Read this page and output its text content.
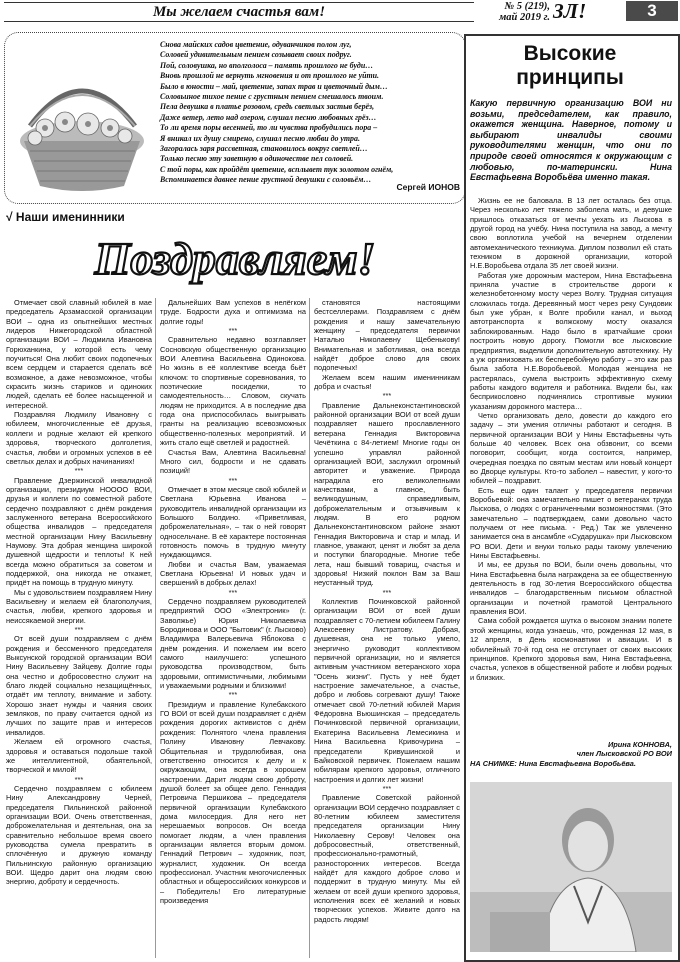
Мы желаем счастья вам!	№ 5 (219),
май 2019 г. ЗЛ!	3
Снова майских садов цветение, одуванчиков полон луг,
Соловей удивительным пением созывает своих подруг.
Пой, соловушка, но вполголоса – память прошлого не буди…
Вновь прошлой не вернуть мгновения и от прошлого не уйти.
Было в юности – май, цветение, запах трав и цветочный дым…
Соловьиное тихое пение с грустным пением смешалось твоим.
Пела девушка в платье розовом, средь светлых застыв берёз,
Даже ветер, лето над озером, слушал песню любовных грёз…
То ли время поры весенней, то ли чувства пробудились пора –
Я вникал их душу смирено, слушал песню любви до утра.
Загоралась заря рассветная, становилось вокруг светлей…
Только песню эту заветную в одиночестве пел соловей.
С той поры, как пройдёт цветение, всплывет тук золотом огнём,
Вспоминается давнее пение грустной девушки с соловьём…
Сергей ИОНОВ
√ Наши именинники
Поздравляем!

Отмечает свой славный юбилей в мае председатель Арзамасской организации ВОИ – одна из опытнейших местных лидеров Нижегородской областной организации ВОИ – Людмила Ивановна Горюханкина, у которой есть чему поучиться! Она любит своих подопечных всем сердцем и старается сделать всё возможное, а даже невозможное, чтобы скрасить жизнь стариков и одиноких людей, сделать её более насыщенной и интересной.

Поздравляя Людмилу Ивановну с юбилеем, многочисленные её друзья, коллеги и родные желают ей крепкого здоровья, творческого долголетия, счастья, любви и огромных успехов в её светлых делах и добрых начинаниях!

***

Правление Дзержинской инвалидной организации, президиум НОООО ВОИ, друзья и коллеги по совместной работе сердечно поздравляют с днём рождения заслуженного ветерана Всероссийского общества инвалидов – председателя местной организации Нину Васильевну Наумову. Эта добрая женщина широкой душевной щедрости и теплоты! К ней всегда можно обратиться за советом и поддержкой, она никогда не откажет, придёт на помощь в трудную минуту.

Мы с удовольствием поздравляем Нину Васильевну и желаем ей благополучия, счастья, любви, крепкого здоровья и неиссякаемой энергии.

***

От всей души поздравляем с днём рождения и бессменного председателя Выксунской городской организации ВОИ Нину Васильевну Зайцеву. Долгие годы она честно и добросовестно служит на благо людей социально незащищённых, отдаёт им теплоту, внимание и заботу. Хорошо знает нужды и чаяния своих земляков, по праву считается одной из лучших по защите прав и интересов инвалидов.

Желаем ей огромного счастья, здоровья и оставаться подольше такой же интеллигентной, обаятельной, творческой и милой!

***

Сердечно поздравляем с юбилеем Нину Александровну Черней, председателя Пильнинской районной организации ВОИ. Очень ответственная, доброжелательная и деятельная, она за сравнительно небольшое время своего руководства сумела превратить в сплочённую и дружную команду Пильнинскую районную организацию ВОИ. Щедро дарит она людям свою энергию, доброту и сердечность.

Дальнейших Вам успехов в нелёгком труде. Бодрости духа и оптимизма на долгие годы!

***

Сравнительно недавно возглавляет Сосновскую общественную организацию ВОИ Алевтина Васильевна Одинокова. Но жизнь в её коллективе всегда бьёт ключом: то спортивные соревнования, то поэтические посиделки, то самодеятельность… Словом, скучать людям не приходится. А в последние два года она приспособилась выигрывать гранты на реализацию всевозможных общественно-полезных мероприятий. И жить стало ещё светлей и радостней.

Счастья Вам, Алевтина Васильевна! Много сил, бодрости и не сдавать позиций!

***

Отмечает в этом месяце свой юбилей и Светлана Юрьевна Иванова – руководитель инвалидной организации из Большого Болдино. «Приветливая, доброжелательная», – так о ней говорят односельчане. В её характере постоянная готовность помочь в трудную минуту нуждающимся.

Любви и счастья Вам, уважаемая Светлана Юрьевна! И новых удач и свершений в добрых делах!

***

Сердечно поздравляем руководителей предприятий ООО «Электроник» (г. Заволжье) Юрия Николаевича Бородинова и ООО "Бытовик" (г. Лысково) Владимира Валерьевича Яблокова с днём рождения. И пожелаем им всего самого наилучшего: успешного руководства производством, быть здоровыми, оптимистичными, любимыми и уважаемыми родными и близкими!

***

Президиум и правление Кулебакского ГО ВОИ от всей души поздравляет с днём рождения дорогих активистов с днём рождения: Полнятого члена правления Полину Ивановну Левчакову. Общительная и трудолюбивая, она ответственно относится к делу и к окружающим, она всегда в хорошем настроении. Дарит людям свою доброту, душой болеет за общее дело. Геннадия Петровича Першикова – председателя первичной организации Кулебакского дома милосердия. Для него нет нерешаемых вопросов. Он всегда помогает людям, а член правления организации является вторым домом. Геннадий Петрович – художник, поэт, журналист, художник. Он всегда профессионал. Участник многочисленных областных и общероссийских конкурсов и – Победитель! Его литературные произведения

становятся настоящими бестселлерами. Поздравляем с днём рождения и нашу замечательную женщину – председателя первички Наталью Николаевну Щебенькову! Внимательная и заботливая, она всегда найдёт доброе слово для своих подопечных!

Желаем всем нашим именинникам добра и счастья!

***

Правление Дальнеконстантиновской районной организации ВОИ от всей души поздравляет нашего прославленного ветерана Геннадия Викторовича Чечёткина с 84-летием! Многие годы он успешно управлял районной организацией ВОИ, заслужил огромный авторитет и уважение. Природа наградила его великолепными качествами, а главное, быть великодушным, справедливым, доброжелательным и отзывчивым к людям. В его родном Дальнеконстантиновском районе знают Геннадия Викторовича и стар и млад. И главное, уважают, ценят и любят за дела и поступки благородные. Многие тебе лета, наш бывший товарищ, счастья и здоровья! Низкий поклон Вам за Ваш неустанный труд.

***

Коллектив Починковской районной организации ВОИ от всей души поздравляет с 70-летием юбилеем Галину Алексеевну Листратову. Добрая, душевная, она не только умело, энергично руководит коллективом первичной организации, но и является активным участником ветеранского хора "Осень жизни". Пусть у неё будет настроение замечательное, а счастье, добро и любовь согревают душу! Также отмечает свой 70-летний юбилей Мария Фёдоровна Вьюшинская – председатель Починковской первичной организации, Екатерина Васильевна Лемесикина и Нина Васильевна Кривочурина – председатели Кривушинской и Байковской первичек. Пожелаем нашим юбилярам крепкого здоровья, отличного настроения и долгих лет жизни!

***

Правление Советской районной организации ВОИ сердечно поздравляет с 80-летним юбилеем заместителя председателя организации Нину Николаевну Серову! Человек она добросовестный, ответственный, профессионально-грамотный, разносторонних интересов. Всегда найдёт для каждого доброе слово и поддержит в трудную минуту. Мы ей желаем от всей души крепкого здоровья, исполнения всех её желаний и новых творческих успехов. Живите долго на радость людям!

Высокие
принципы
Какую первичную организацию ВОИ ни возьми, председателем, как правило, окажется женщина. Наверное, потому и выбирают инвалиды своими руководителями женщин, что они по природе своей относятся к окружающим с любовью, по-матерински. Нина Евстафьевна Воробьёва именно такая.

Жизнь ее не баловала. В 13 лет осталась без отца. Через несколько лет тяжело заболела мать, и девушке пришлось отказаться от мечты уехать из Лыскова в другой город на учёбу. Нина поступила на завод, а мечту свою воплотила учебой на вечернем отделении автомеханического техникума. Диплом позволил ей стать техником в дорожной организации, которой Н.Е.Воробьева отдала 35 лет своей жизни.

Работая уже дорожным мастером, Нина Евстафьевна приняла участие в строительстве дороги к железнобетонному мосту через Волгу. Трудная ситуация сложилась тогда. Деревянный мост через реку Сундовик был уже убран, к Волге пробили канал, и выход автотранспорта к волжскому мосту оказался заблокированным. Надо было в кратчайшие сроки построить новую дорогу. Помогли все лысковские предприятия, выделили дополнительную автотехнику. Ну а уж организовать их бесперебойную работу – это как раз была забота Н.Е.Воробьевой. Молодая женщина не растерялась, сумела выстроить эффективную схему работы каждого водителя и работника. Видели бы, как бесприкословно подчинялись строптивые мужики указаниям дорожного мастера…

Четко организовать дело, довести до каждого его задачу – эти умения отличны работают и сегодня. В первичной организации ВОИ у Нины Евстафьевны чуть больше 40 человек. Всех она обзвонит, со всеми поговорит, сообщит, когда состоится, например, очередная поездка по святым местам или новый концерт во Дворце культуры. Кто-то заболел – навестит, у кого-то юбилей – поздравит.

Есть еще один талант у председателя первички Воробьевой: она замечательно пишет о ветеранах труда Лыскова, о людях с ограниченными возможностями. (Это замечательно – подтверждаем, сами довольно часто получаем от нее письма. - Ред.) Так же увлеченно занимается она в ансамбле «Сударушка» при Лысковском РО ВОИ. Дети и внуки только рады такому увлечению Нины Евстафьевны.

И мы, ее друзья по ВОИ, были очень довольны, что Нина Евстафьевна была награждена за ее общественную деятельность в год 30-летия Всероссийского общества инвалидов – благодарственным письмом областной организации и почетной грамотой Центрального правления ВОИ.

Сама собой рождается шутка о высоком знании полете этой женщины, когда узнаешь, что, рожденная 12 мая, в 12 апреля, в День космонавтики и авиации. И в юбилейный 70-й год она не отступает от своих высоких принципов. Крепкого здоровья вам, Нина Евстафьевна, счастья, успехов в общественной работе и любви родных и близких.

Ирина КОННОВА,
член Лысковской РО ВОИ
НА СНИМКЕ: Нина Евстафьевна Воробьёва.
